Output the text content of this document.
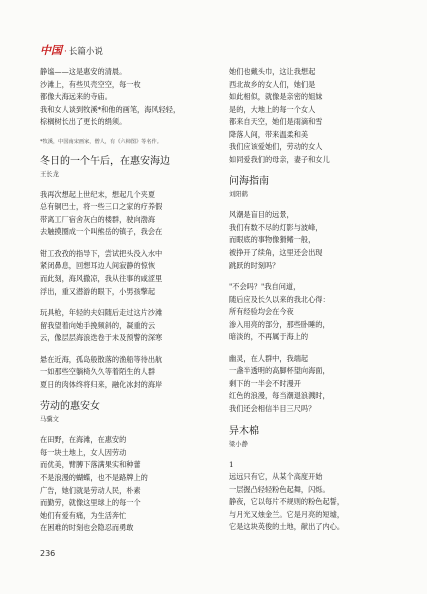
中国 · 长篇小说
静谧——这是惠安的清晨。
沙滩上，有些贝壳空空，每一枚
都像大海远来的寺庙。
我和女人谈到牧溪*和他的画笔，海风轻轻，
棕榈树长出了更长的绢须。
*牧溪，中国南宋画家，僧人，有《六柿图》等名作。
冬日的一个午后，在惠安海边
王长龙
我再次想起上世纪末，想起几个夹夏
总有铜巴士，将一些三口之家的疗养假
带离工厂宿舍灰白的楼群，驶向渤海
去触摸圈成一个叫熊岳的镇子，我会在
钳工孜孜的指导下，尝试把头没入水中
紧闭鼻息，回想耳边人间寂静的惊恢
而此刻，海风撒凉，我从往事的咸涩里
浮出，重又潜游的眼下，小男孩擎起
玩具枪，年轻的夫妇随后走过这片沙滩
留我望着向她手挽频斜的，凝重的云
云，像层层海浪迭卷于未及预警的深寒
悬在近海，孤岛般散落的渔船等待出航
一如那些空躺椅久久等着陌生的人群
夏日的肉体终将归来，融化冰封的海岸
劳动的惠安女
马骥文
在田野，在海滩，在惠安的
每一块土地上，女人因劳动
而优美，臂膊下落满果实和种蕾
不是浪漫的蝴蝶，也不是路牌上的
广告，她们就是劳动人民，朴素
而勤劳，就像这里球上的每一个
她们有爱有痛，为生活奔忙
在困难的时刻也会隐忍而勇敢
她们也戴头巾，这让我想起
西北故乡的女人们，她们是
如此相似，就像是亲密的姐妹
是的，大地上的每一个女人
都来自天空，她们是雨滴和雪
降落人间，带来温柔和美
我们应该爱她们，劳动的女人
如同爱我们的母亲，妻子和女儿
问海指南
刘阳鹤
风潮是盲目的远景，
我们有数不尽的灯影与波峰，
而眼底的事物像猾鳍一般，
被挣开了续角，这里还会出现
跳跃的时刻吗？
"不会吗？"我自问道，
随后应及长久以来的我北心得：
所有经验均会在今夜
渗入用亮的部分，那些卧睡的，
暗淡的，不再属于海上的
幽灵，在人群中，我端起
一盏半透明的高脚杯望向海面，
剩下的一半会不时漫开
红色的浪漫，每当潮退浪溅时，
我们还会相信半目三尺吗？
异木棉
梁小静
1
远远只有它，从某个高度开始
一层握凸轻轻粉色起舞，闪烁。
静夜，它以每片不规则的粉色起誓，
与月光又烛金兰。它是月亮的短墟，
它是这块英俊的土地，献出了内心。
236
